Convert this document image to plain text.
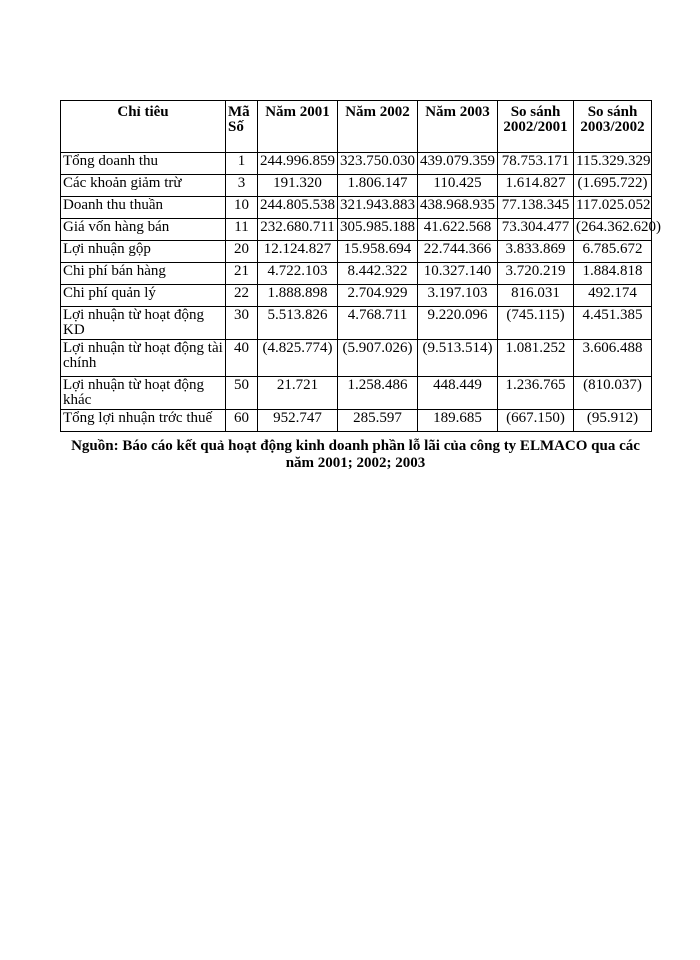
Chỉ tiêu	Mã Số	Năm 2001	Năm 2002	Năm 2003	So sánh 2002/2001	So sánh 2003/2002
Tổng doanh thu	1	244.996.859	323.750.030	439.079.359	78.753.171	115.329.329
Các khoản giảm trừ	3	191.320	1.806.147	110.425	1.614.827	(1.695.722)
Doanh thu thuần	10	244.805.538	321.943.883	438.968.935	77.138.345	117.025.052
Giá vốn hàng bán	11	232.680.711	305.985.188	41.622.568	73.304.477	(264.362.620)
Lợi nhuận gộp	20	12.124.827	15.958.694	22.744.366	3.833.869	6.785.672
Chi phí bán hàng	21	4.722.103	8.442.322	10.327.140	3.720.219	1.884.818
Chi phí quản lý	22	1.888.898	2.704.929	3.197.103	816.031	492.174
Lợi nhuận từ hoạt động KD	30	5.513.826	4.768.711	9.220.096	(745.115)	4.451.385
Lợi nhuận từ hoạt động tài chính	40	(4.825.774)	(5.907.026)	(9.513.514)	1.081.252	3.606.488
Lợi nhuận từ hoạt động khác	50	21.721	1.258.486	448.449	1.236.765	(810.037)
Tổng lợi nhuận trớc thuế	60	952.747	285.597	189.685	(667.150)	(95.912)
Nguồn: Báo cáo kết quả hoạt động kinh doanh phần lỗ lãi của công ty ELMACO qua các năm 2001; 2002; 2003
